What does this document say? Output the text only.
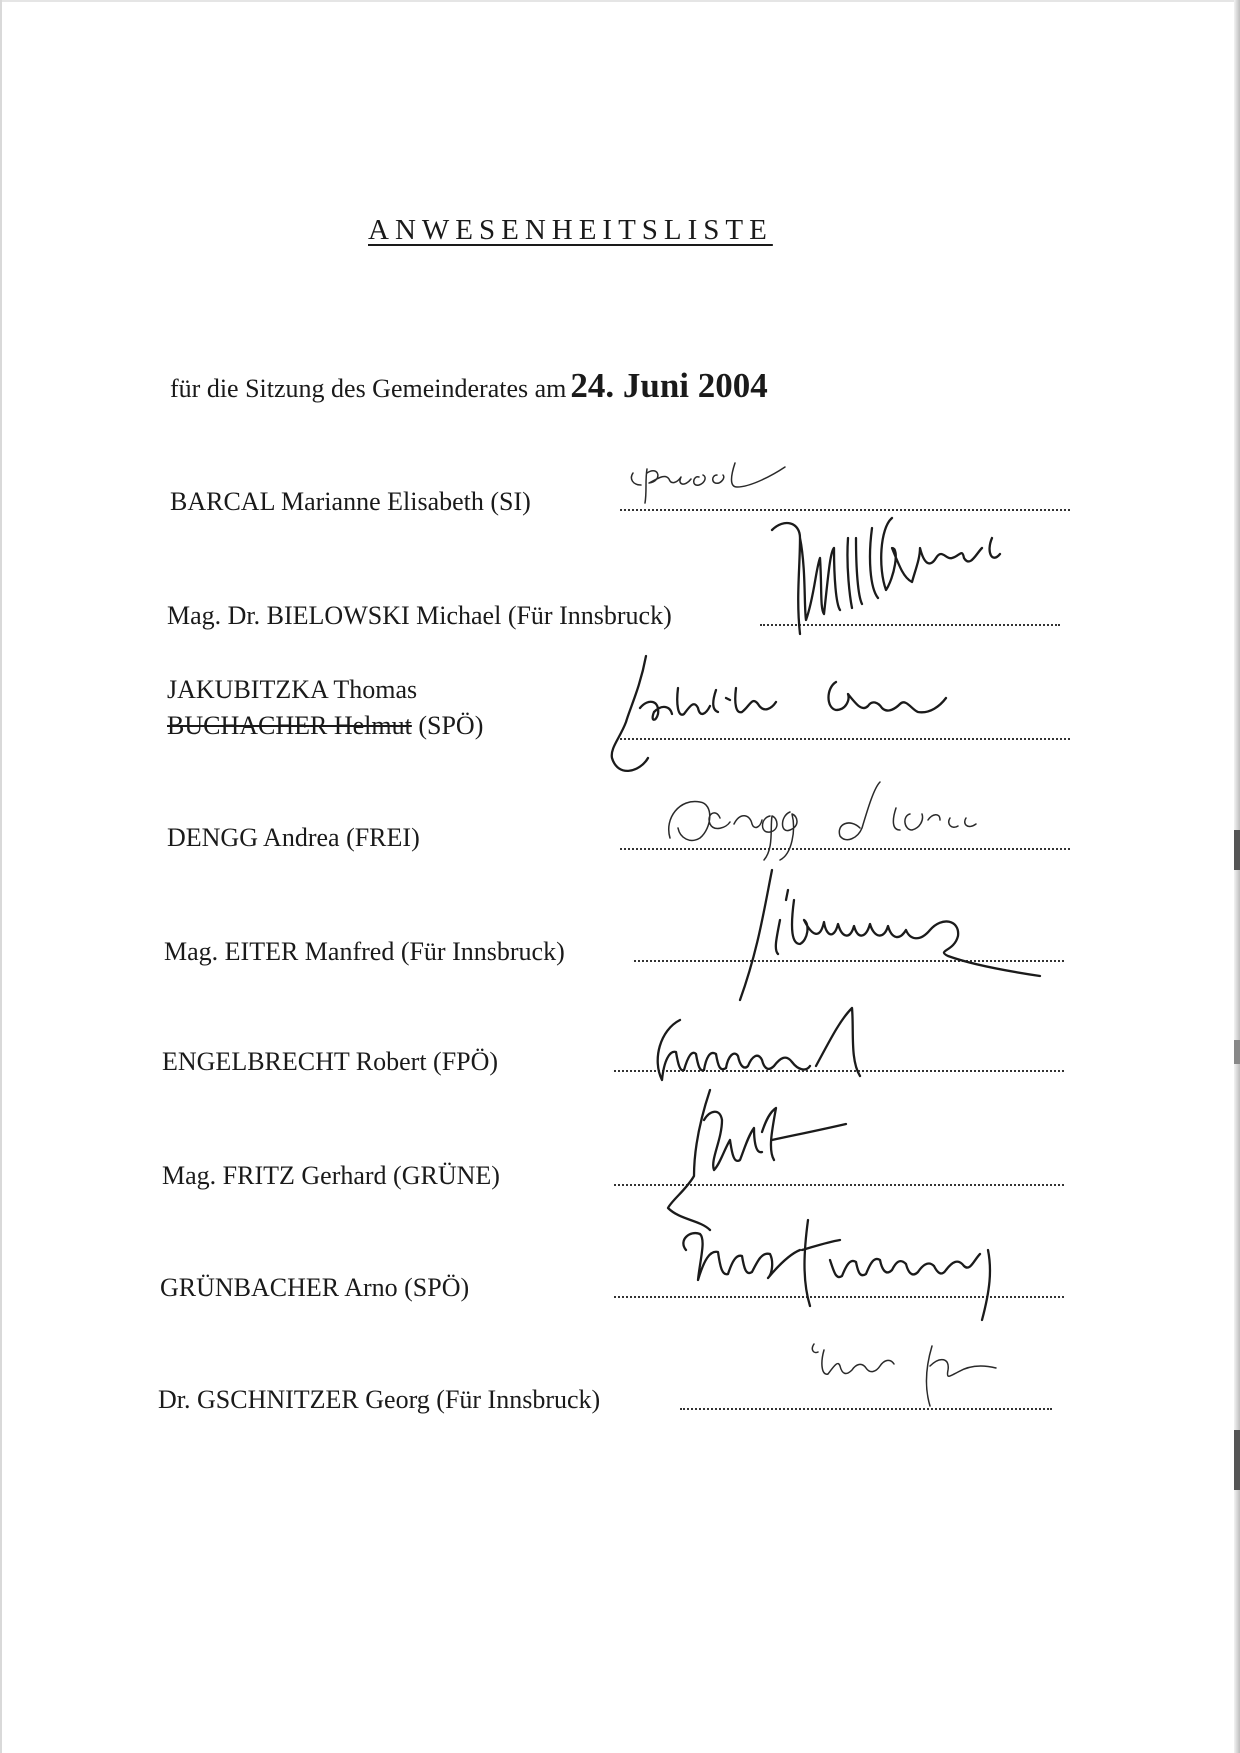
ANWESENHEITSLISTE
für die Sitzung des Gemeinderates am 24. Juni 2004
BARCAL Marianne Elisabeth (SI)
Mag. Dr. BIELOWSKI Michael (Für Innsbruck)
JAKUBITZKA Thomas
BUCHACHER Helmut (SPÖ)
DENGG Andrea (FREI)
Mag. EITER Manfred (Für Innsbruck)
ENGELBRECHT Robert (FPÖ)
Mag. FRITZ Gerhard (GRÜNE)
GRÜNBACHER Arno (SPÖ)
Dr. GSCHNITZER Georg (Für Innsbruck)
